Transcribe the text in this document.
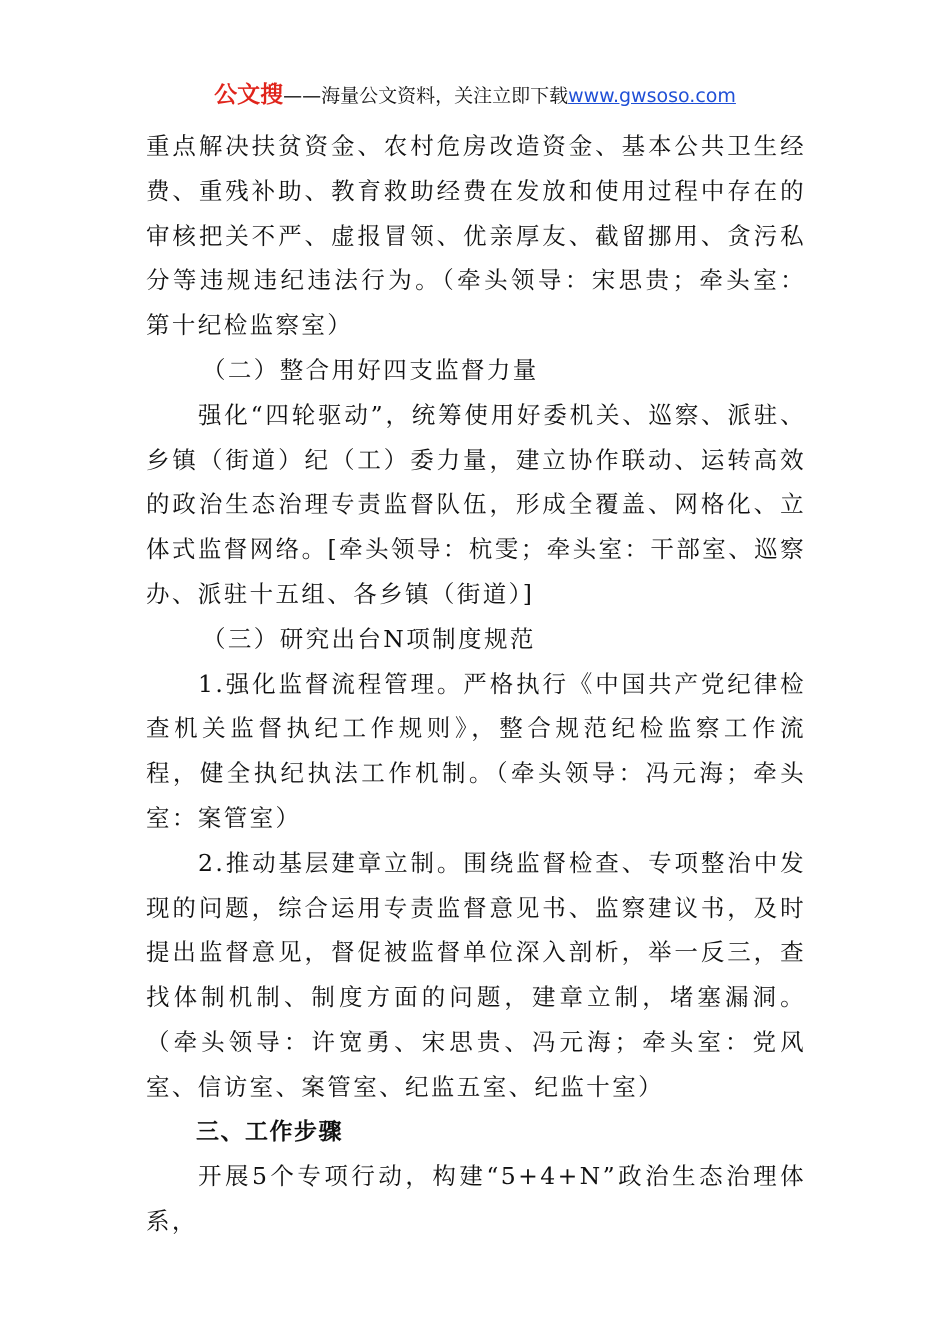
公文搜——海量公文资料，关注立即下载www.gwsoso.com

重点解决扶贫资金、农村危房改造资金、基本公共卫生经费、重残补助、教育救助经费在发放和使用过程中存在的审核把关不严、虚报冒领、优亲厚友、截留挪用、贪污私分等违规违纪违法行为。（牵头领导：宋思贵；牵头室：第十纪检监察室）

（二）整合用好四支监督力量

强化“四轮驱动”，统筹使用好委机关、巡察、派驻、乡镇（街道）纪（工）委力量，建立协作联动、运转高效的政治生态治理专责监督队伍，形成全覆盖、网格化、立体式监督网络。[牵头领导：杭雯；牵头室：干部室、巡察办、派驻十五组、各乡镇（街道）]

（三）研究出台N项制度规范

1.强化监督流程管理。严格执行《中国共产党纪律检查机关监督执纪工作规则》，整合规范纪检监察工作流程，健全执纪执法工作机制。（牵头领导：冯元海；牵头室：案管室）

2.推动基层建章立制。围绕监督检查、专项整治中发现的问题，综合运用专责监督意见书、监察建议书，及时提出监督意见，督促被监督单位深入剖析，举一反三，查找体制机制、制度方面的问题，建章立制，堵塞漏洞。（牵头领导：许宽勇、宋思贵、冯元海；牵头室：党风室、信访室、案管室、纪监五室、纪监十室）

三、工作步骤

开展5个专项行动，构建“5+4+N”政治生态治理体系，
